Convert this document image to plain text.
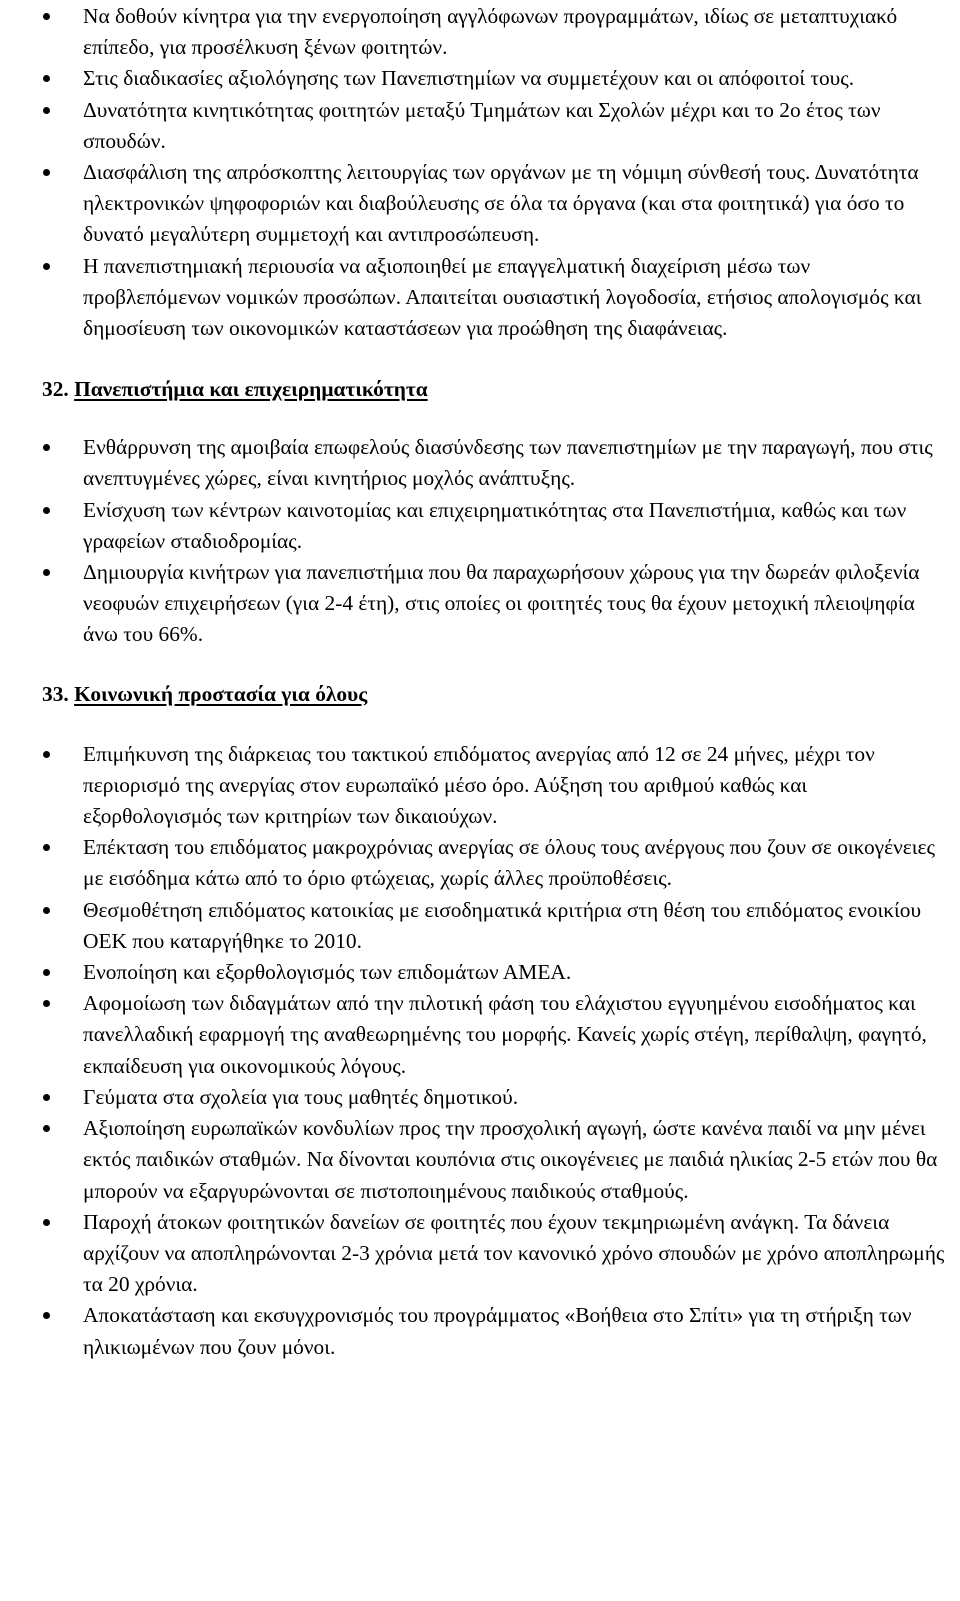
Να δοθούν κίνητρα για την ενεργοποίηση αγγλόφωνων προγραμμάτων, ιδίως σε μεταπτυχιακό επίπεδο, για προσέλκυση ξένων φοιτητών.
Στις διαδικασίες αξιολόγησης των Πανεπιστημίων να συμμετέχουν και οι απόφοιτοί τους.
Δυνατότητα κινητικότητας φοιτητών μεταξύ Τμημάτων και Σχολών μέχρι και το 2ο έτος των σπουδών.
Διασφάλιση της απρόσκοπτης λειτουργίας των οργάνων με τη νόμιμη σύνθεσή τους. Δυνατότητα ηλεκτρονικών ψηφοφοριών και διαβούλευσης σε όλα τα όργανα (και στα φοιτητικά) για όσο το δυνατό μεγαλύτερη συμμετοχή και αντιπροσώπευση.
Η πανεπιστημιακή περιουσία να αξιοποιηθεί με επαγγελματική διαχείριση μέσω των προβλεπόμενων νομικών προσώπων. Απαιτείται ουσιαστική λογοδοσία, ετήσιος απολογισμός και δημοσίευση των οικονομικών καταστάσεων για προώθηση της διαφάνειας.
32. Πανεπιστήμια και επιχειρηματικότητα
Ενθάρρυνση της αμοιβαία επωφελούς διασύνδεσης των πανεπιστημίων με την παραγωγή, που στις ανεπτυγμένες χώρες, είναι κινητήριος μοχλός ανάπτυξης.
Ενίσχυση των κέντρων καινοτομίας και επιχειρηματικότητας στα Πανεπιστήμια, καθώς και των γραφείων σταδιοδρομίας.
Δημιουργία κινήτρων για πανεπιστήμια που θα παραχωρήσουν χώρους για την δωρεάν φιλοξενία νεοφυών επιχειρήσεων (για 2-4 έτη), στις οποίες οι φοιτητές τους θα έχουν μετοχική πλειοψηφία άνω του 66%.
33. Κοινωνική προστασία για όλους
Επιμήκυνση της διάρκειας του τακτικού επιδόματος ανεργίας από 12 σε 24 μήνες, μέχρι τον περιορισμό της ανεργίας στον ευρωπαϊκό μέσο όρο. Αύξηση του αριθμού καθώς και εξορθολογισμός των κριτηρίων των δικαιούχων.
Επέκταση του επιδόματος μακροχρόνιας ανεργίας σε όλους τους ανέργους που ζουν σε οικογένειες με εισόδημα κάτω από το όριο φτώχειας, χωρίς άλλες προϋποθέσεις.
Θεσμοθέτηση επιδόματος κατοικίας με εισοδηματικά κριτήρια στη θέση του επιδόματος ενοικίου ΟΕΚ που καταργήθηκε το 2010.
Ενοποίηση και εξορθολογισμός των επιδομάτων ΑΜΕΑ.
Αφομοίωση των διδαγμάτων από την πιλοτική φάση του ελάχιστου εγγυημένου εισοδήματος και πανελλαδική εφαρμογή της αναθεωρημένης του μορφής. Κανείς χωρίς στέγη, περίθαλψη, φαγητό, εκπαίδευση για οικονομικούς λόγους.
Γεύματα στα σχολεία για τους μαθητές δημοτικού.
Αξιοποίηση ευρωπαϊκών κονδυλίων προς την προσχολική αγωγή, ώστε κανένα παιδί να μην μένει εκτός παιδικών σταθμών. Να δίνονται κουπόνια στις οικογένειες με παιδιά ηλικίας 2-5 ετών που θα μπορούν να εξαργυρώνονται σε πιστοποιημένους παιδικούς σταθμούς.
Παροχή άτοκων φοιτητικών δανείων σε φοιτητές που έχουν τεκμηριωμένη ανάγκη. Τα δάνεια αρχίζουν να αποπληρώνονται 2-3 χρόνια μετά τον κανονικό χρόνο σπουδών με χρόνο αποπληρωμής τα 20 χρόνια.
Αποκατάσταση και εκσυγχρονισμός του προγράμματος «Βοήθεια στο Σπίτι» για τη στήριξη των ηλικιωμένων που ζουν μόνοι.
